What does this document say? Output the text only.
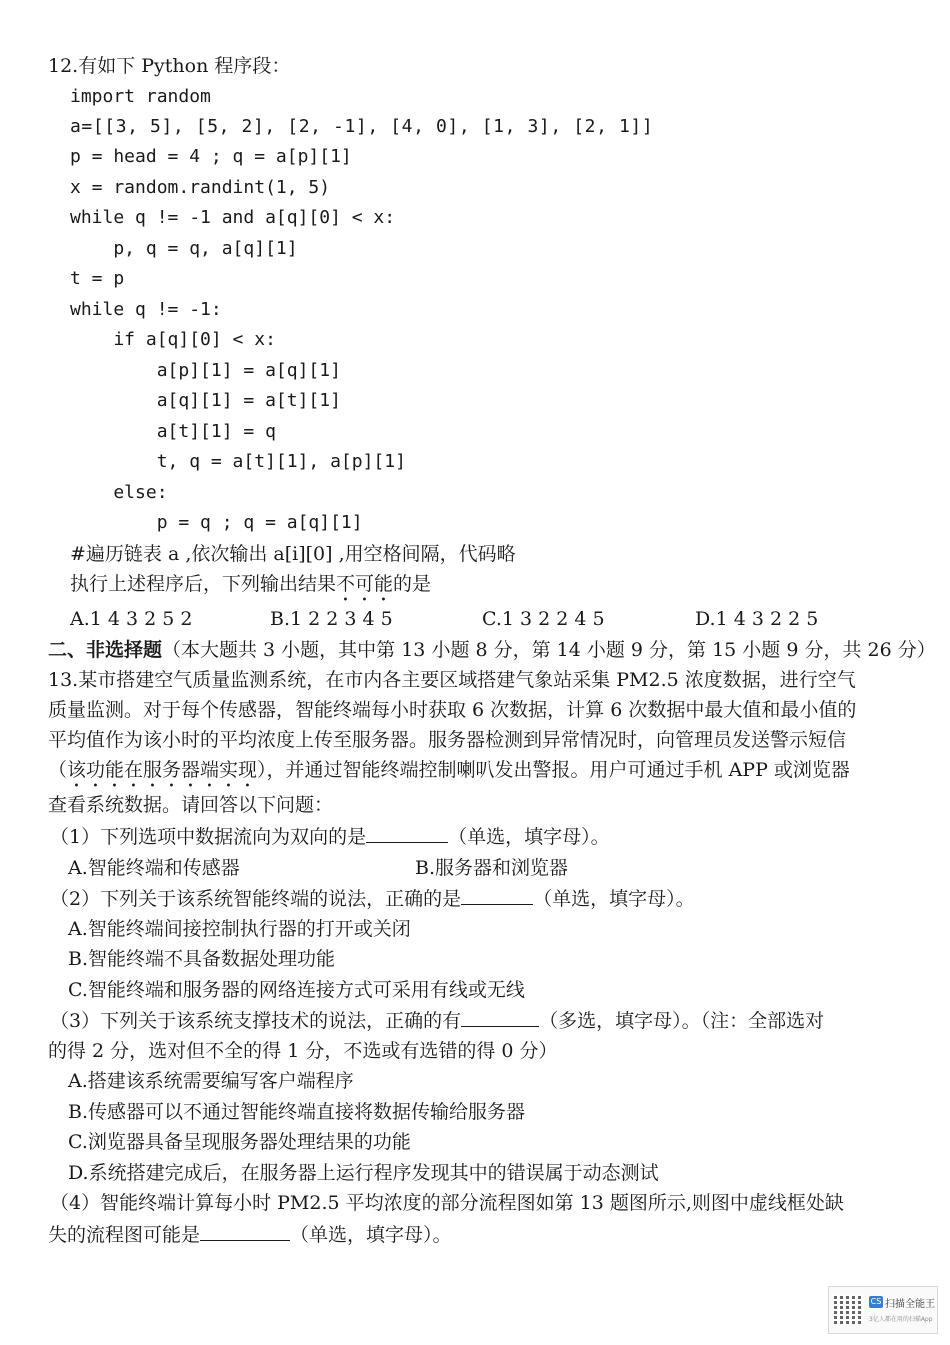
12.有如下 Python 程序段：
import random
a=[[3, 5], [5, 2], [2, -1], [4, 0], [1, 3], [2, 1]]
p = head = 4 ; q = a[p][1]
x = random.randint(1, 5)
while q != -1 and a[q][0] < x:
p, q = q, a[q][1]
t = p
while q != -1:
if a[q][0] < x:
a[p][1] = a[q][1]
a[q][1] = a[t][1]
a[t][1] = q
t, q = a[t][1], a[p][1]
else:
p = q ; q = a[q][1]
#遍历链表 a ,依次输出 a[i][0] ,用空格间隔，代码略
执行上述程序后，下列输出结果不可能的是
A.1 4 3 2 5 2	B.1 2 2 3 4 5	C.1 3 2 2 4 5	D.1 4 3 2 2 5
二、非选择题（本大题共 3 小题，其中第 13 小题 8 分，第 14 小题 9 分，第 15 小题 9 分，共 26 分）
13.某市搭建空气质量监测系统，在市内各主要区域搭建气象站采集 PM2.5 浓度数据，进行空气
质量监测。对于每个传感器，智能终端每小时获取 6 次数据，计算 6 次数据中最大值和最小值的
平均值作为该小时的平均浓度上传至服务器。服务器检测到异常情况时，向管理员发送警示短信
（该功能在服务器端实现），并通过智能终端控制喇叭发出警报。用户可通过手机 APP 或浏览器
查看系统数据。请回答以下问题：
（1）下列选项中数据流向为双向的是	（单选，填字母）。
A.智能终端和传感器	B.服务器和浏览器
（2）下列关于该系统智能终端的说法，正确的是	（单选，填字母）。
A.智能终端间接控制执行器的打开或关闭
B.智能终端不具备数据处理功能
C.智能终端和服务器的网络连接方式可采用有线或无线
（3）下列关于该系统支撑技术的说法，正确的有	（多选，填字母）。（注：全部选对
的得 2 分，选对但不全的得 1 分，不选或有选错的得 0 分）
A.搭建该系统需要编写客户端程序
B.传感器可以不通过智能终端直接将数据传输给服务器
C.浏览器具备呈现服务器处理结果的功能
D.系统搭建完成后，在服务器上运行程序发现其中的错误属于动态测试
（4）智能终端计算每小时 PM2.5 平均浓度的部分流程图如第 13 题图所示,则图中虚线框处缺
失的流程图可能是	（单选，填字母）。
CS 扫描全能王
3亿人都在用的扫描App
